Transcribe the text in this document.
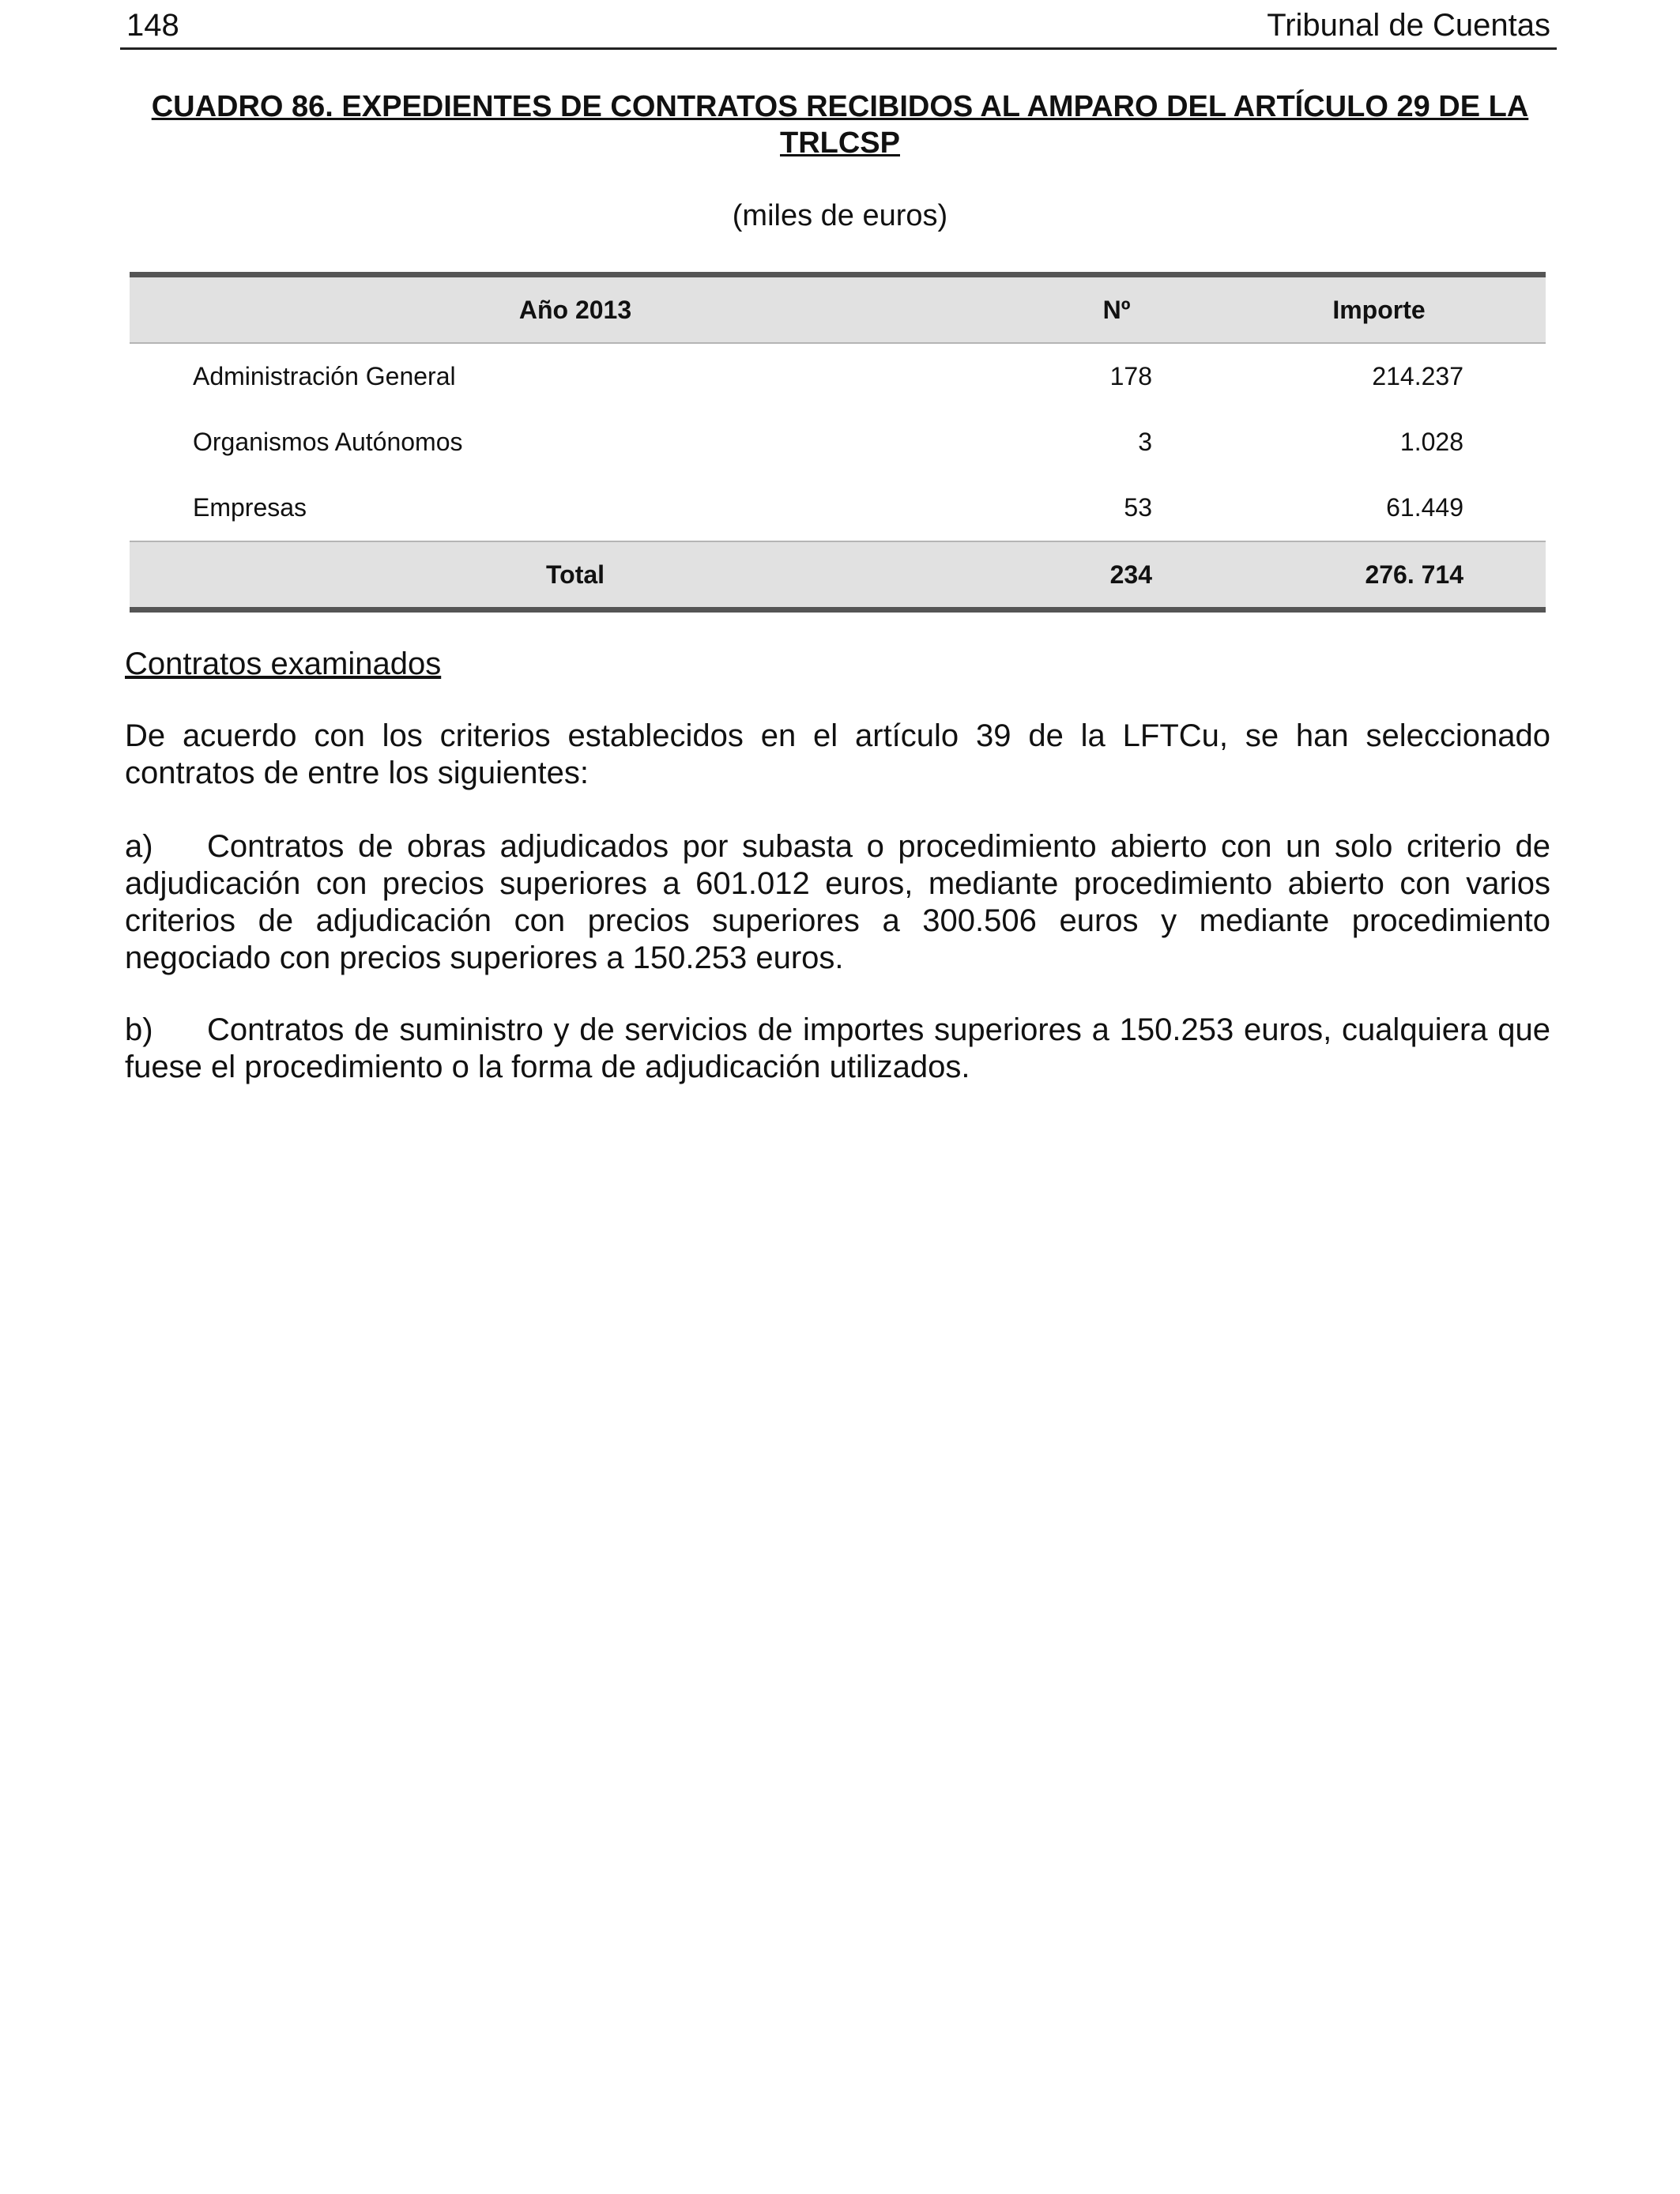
148	Tribunal de Cuentas
CUADRO 86. EXPEDIENTES DE CONTRATOS RECIBIDOS AL AMPARO DEL ARTÍCULO 29 DE LA TRLCSP
(miles de euros)
Año 2013	Nº	Importe
Administración General	178	214.237
Organismos Autónomos	3	1.028
Empresas	53	61.449
Total	234	276. 714
Contratos examinados

De acuerdo con los criterios establecidos en el artículo 39 de la LFTCu, se han seleccionado contratos de entre los siguientes:

a) Contratos de obras adjudicados por subasta o procedimiento abierto con un solo criterio de adjudicación con precios superiores a 601.012 euros, mediante procedimiento abierto con varios criterios de adjudicación con precios superiores a 300.506 euros y mediante procedimiento negociado con precios superiores a 150.253 euros.

b) Contratos de suministro y de servicios de importes superiores a 150.253 euros, cualquiera que fuese el procedimiento o la forma de adjudicación utilizados.
